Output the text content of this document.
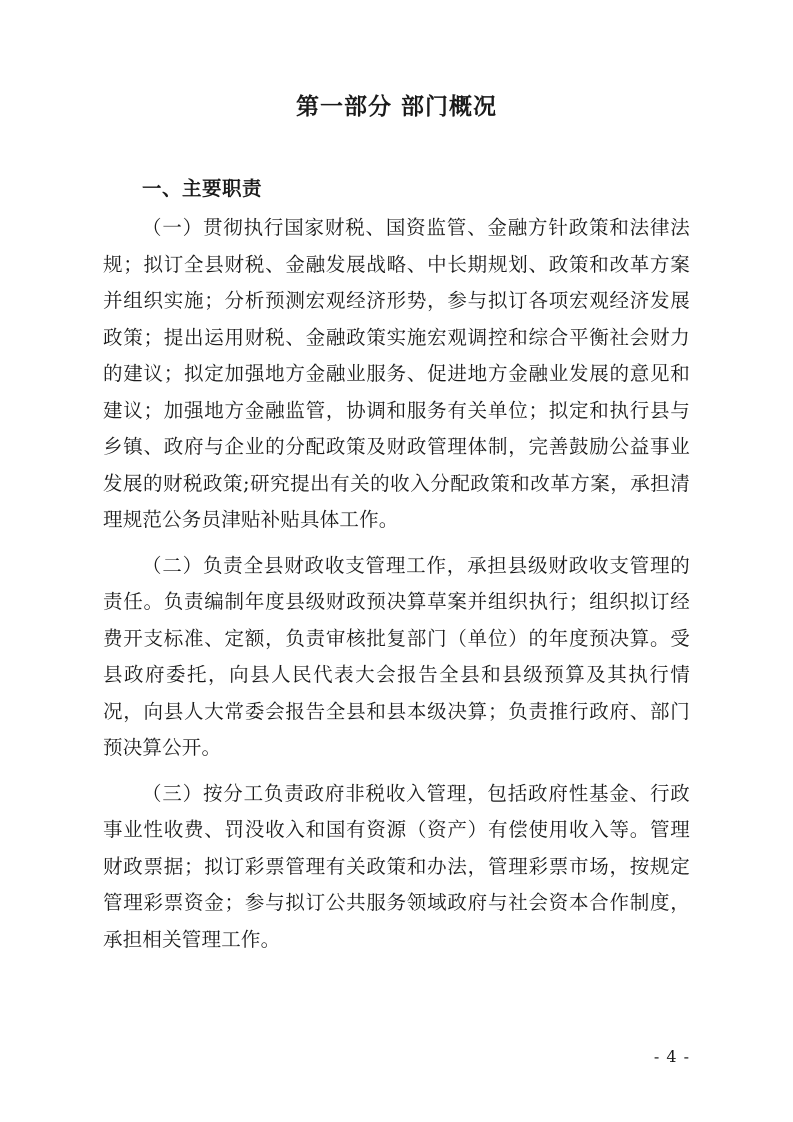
第一部分 部门概况
一、主要职责

（一）贯彻执行国家财税、国资监管、金融方针政策和法律法规；拟订全县财税、金融发展战略、中长期规划、政策和改革方案并组织实施；分析预测宏观经济形势，参与拟订各项宏观经济发展政策；提出运用财税、金融政策实施宏观调控和综合平衡社会财力的建议；拟定加强地方金融业服务、促进地方金融业发展的意见和建议；加强地方金融监管，协调和服务有关单位；拟定和执行县与乡镇、政府与企业的分配政策及财政管理体制，完善鼓励公益事业发展的财税政策;研究提出有关的收入分配政策和改革方案，承担清理规范公务员津贴补贴具体工作。

（二）负责全县财政收支管理工作，承担县级财政收支管理的责任。负责编制年度县级财政预决算草案并组织执行；组织拟订经费开支标准、定额，负责审核批复部门（单位）的年度预决算。受县政府委托，向县人民代表大会报告全县和县级预算及其执行情况，向县人大常委会报告全县和县本级决算；负责推行政府、部门预决算公开。

（三）按分工负责政府非税收入管理，包括政府性基金、行政事业性收费、罚没收入和国有资源（资产）有偿使用收入等。管理财政票据；拟订彩票管理有关政策和办法，管理彩票市场，按规定管理彩票资金；参与拟订公共服务领域政府与社会资本合作制度，承担相关管理工作。

- 4 -
